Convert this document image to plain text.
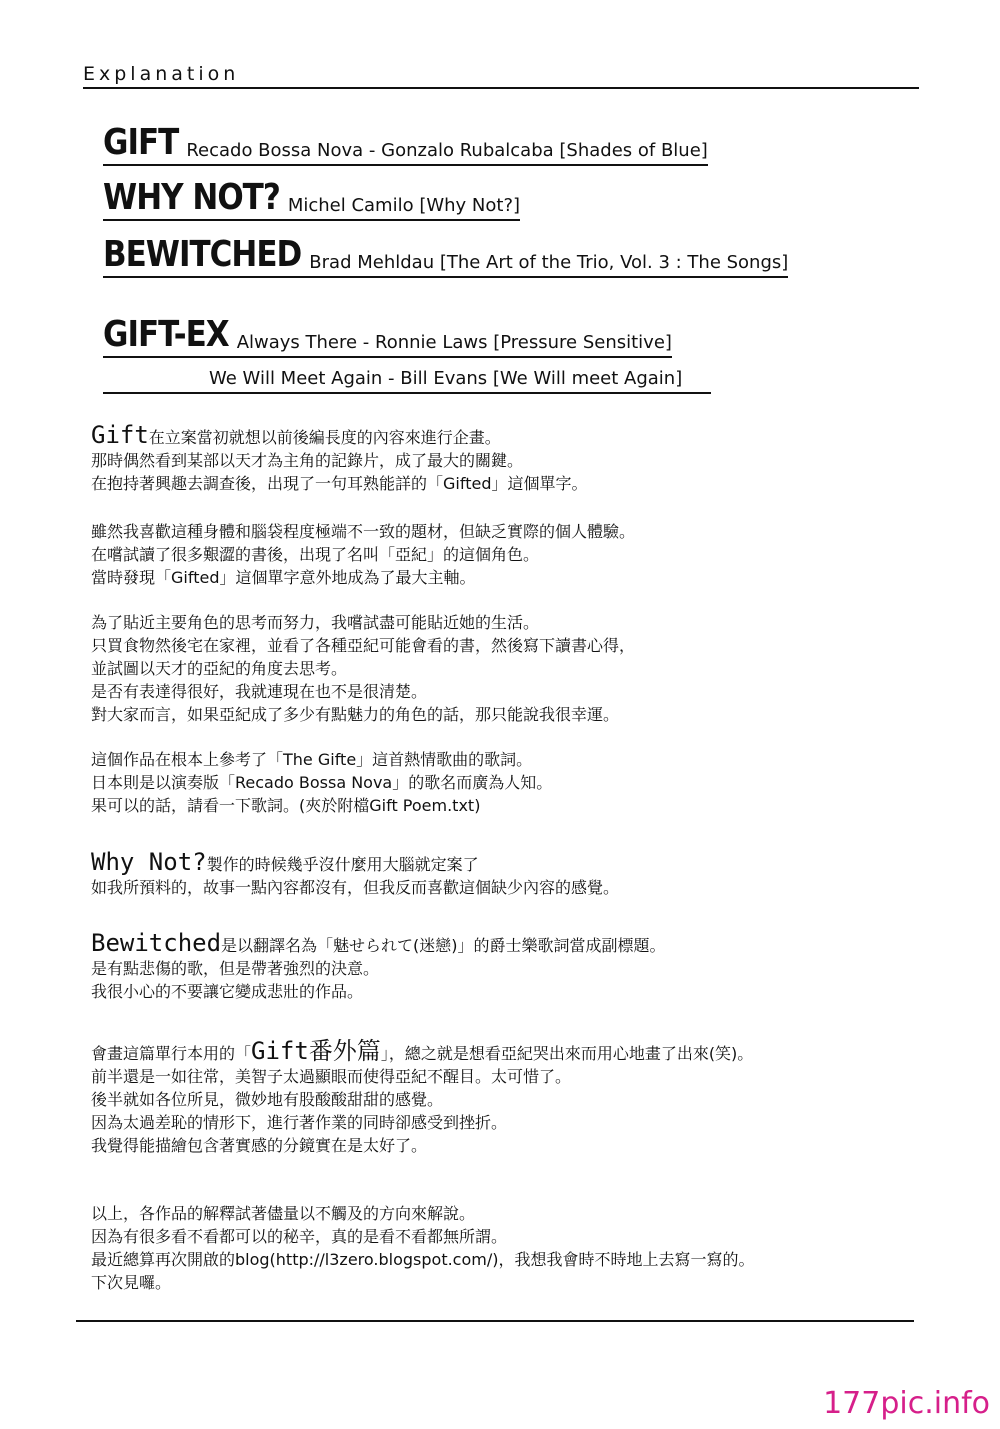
Explanation
GIFT Recado Bossa Nova - Gonzalo Rubalcaba [Shades of Blue]
WHY NOT? Michel Camilo [Why Not?]
BEWITCHED Brad Mehldau [The Art of the Trio, Vol. 3 : The Songs]
GIFT-EX Always There - Ronnie Laws [Pressure Sensitive]
We Will Meet Again - Bill Evans [We Will meet Again]
Gift在立案當初就想以前後編長度的內容來進行企畫。
那時偶然看到某部以天才為主角的記錄片，成了最大的關鍵。
在抱持著興趣去調查後，出現了一句耳熟能詳的「Gifted」這個單字。
雖然我喜歡這種身體和腦袋程度極端不一致的題材，但缺乏實際的個人體驗。
在嚐試讀了很多艱澀的書後，出現了名叫「亞紀」的這個角色。
當時發現「Gifted」這個單字意外地成為了最大主軸。
為了貼近主要角色的思考而努力，我嚐試盡可能貼近她的生活。
只買食物然後宅在家裡，並看了各種亞紀可能會看的書，然後寫下讀書心得，
並試圖以天才的亞紀的角度去思考。
是否有表達得很好，我就連現在也不是很清楚。
對大家而言，如果亞紀成了多少有點魅力的角色的話，那只能說我很幸運。
這個作品在根本上參考了「The Gifte」這首熱情歌曲的歌詞。
日本則是以演奏版「Recado Bossa Nova」的歌名而廣為人知。
果可以的話，請看一下歌詞。(夾於附檔Gift Poem.txt)
Why Not?製作的時候幾乎沒什麼用大腦就定案了
如我所預料的，故事一點內容都沒有，但我反而喜歡這個缺少內容的感覺。
Bewitched是以翻譯名為「魅せられて(迷戀)」的爵士樂歌詞當成副標題。
是有點悲傷的歌，但是帶著強烈的決意。
我很小心的不要讓它變成悲壯的作品。
會畫這篇單行本用的「Gift番外篇」，總之就是想看亞紀哭出來而用心地畫了出來(笑)。
前半還是一如往常，美智子太過顯眼而使得亞紀不醒目。太可惜了。
後半就如各位所見，微妙地有股酸酸甜甜的感覺。
因為太過差恥的情形下，進行著作業的同時卻感受到挫折。
我覺得能描繪包含著實感的分鏡實在是太好了。
以上，各作品的解釋試著儘量以不觸及的方向來解說。
因為有很多看不看都可以的秘辛，真的是看不看都無所謂。
最近總算再次開啟的blog(http://l3zero.blogspot.com/)，我想我會時不時地上去寫一寫的。
下次見囉。
177pic.info
